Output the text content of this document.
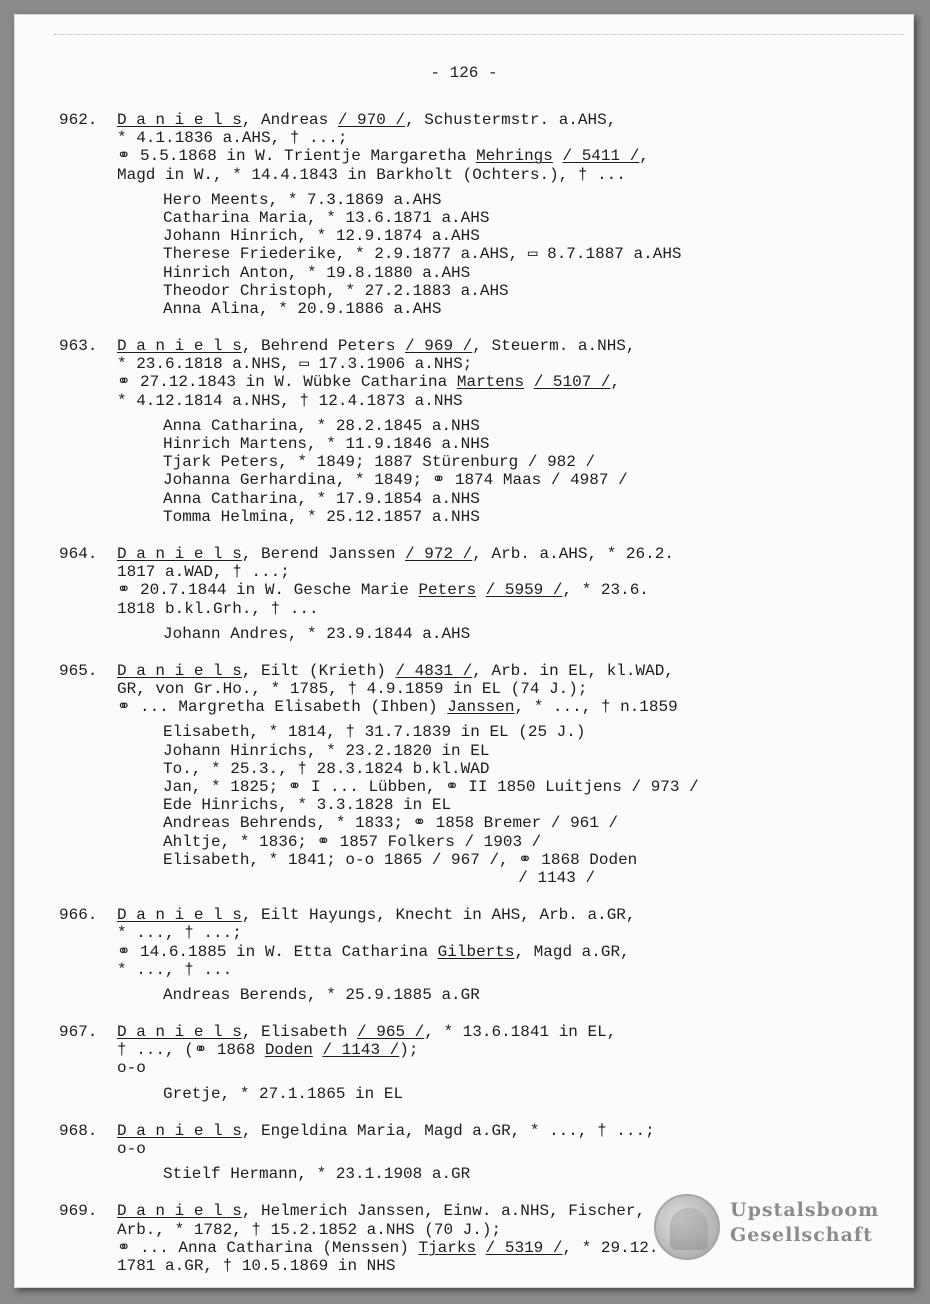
- 126 -
962. D a n i e l s, Andreas / 970 /, Schustermstr. a.AHS,
* 4.1.1836 a.AHS, † ...;
⚭ 5.5.1868 in W. Trientje Margaretha Mehrings / 5411 /,
Magd in W., * 14.4.1843 in Barkholt (Ochters.), † ...
Hero Meents, * 7.3.1869 a.AHS
Catharina Maria, * 13.6.1871 a.AHS
Johann Hinrich, * 12.9.1874 a.AHS
Therese Friederike, * 2.9.1877 a.AHS, ▭ 8.7.1887 a.AHS
Hinrich Anton, * 19.8.1880 a.AHS
Theodor Christoph, * 27.2.1883 a.AHS
Anna Alina, * 20.9.1886 a.AHS
963. D a n i e l s, Behrend Peters / 969 /, Steuerm. a.NHS,
* 23.6.1818 a.NHS, ▭ 17.3.1906 a.NHS;
⚭ 27.12.1843 in W. Wübke Catharina Martens / 5107 /,
* 4.12.1814 a.NHS, † 12.4.1873 a.NHS
Anna Catharina, * 28.2.1845 a.NHS
Hinrich Martens, * 11.9.1846 a.NHS
Tjark Peters, * 1849; 1887 Stürenburg / 982 /
Johanna Gerhardina, * 1849; ⚭ 1874 Maas / 4987 /
Anna Catharina, * 17.9.1854 a.NHS
Tomma Helmina, * 25.12.1857 a.NHS
964. D a n i e l s, Berend Janssen / 972 /, Arb. a.AHS, * 26.2.
1817 a.WAD, † ...;
⚭ 20.7.1844 in W. Gesche Marie Peters / 5959 /, * 23.6.
1818 b.kl.Grh., † ...
Johann Andres, * 23.9.1844 a.AHS
965. D a n i e l s, Eilt (Krieth) / 4831 /, Arb. in EL, kl.WAD,
GR, von Gr.Ho., * 1785, † 4.9.1859 in EL (74 J.);
⚭ ... Margretha Elisabeth (Ihben) Janssen, * ..., † n.1859
Elisabeth, * 1814, † 31.7.1839 in EL (25 J.)
Johann Hinrichs, * 23.2.1820 in EL
To., * 25.3., † 28.3.1824 b.kl.WAD
Jan, * 1825; ⚭ I ... Lübben, ⚭ II 1850 Luitjens / 973 /
Ede Hinrichs, * 3.3.1828 in EL
Andreas Behrends, * 1833; ⚭ 1858 Bremer / 961 /
Ahltje, * 1836; ⚭ 1857 Folkers / 1903 /
Elisabeth, * 1841; o-o 1865 / 967 /, ⚭ 1868 Doden
/ 1143 /
966. D a n i e l s, Eilt Hayungs, Knecht in AHS, Arb. a.GR,
* ..., † ...;
⚭ 14.6.1885 in W. Etta Catharina Gilberts, Magd a.GR,
* ..., † ...
Andreas Berends, * 25.9.1885 a.GR
967. D a n i e l s, Elisabeth / 965 /, * 13.6.1841 in EL,
† ..., (⚭ 1868 Doden / 1143 /);
o-o
Gretje, * 27.1.1865 in EL
968. D a n i e l s, Engeldina Maria, Magd a.GR, * ..., † ...;
o-o
Stielf Hermann, * 23.1.1908 a.GR
969. D a n i e l s, Helmerich Janssen, Einw. a.NHS, Fischer,
Arb., * 1782, † 15.2.1852 a.NHS (70 J.);
⚭ ... Anna Catharina (Menssen) Tjarks / 5319 /, * 29.12.
1781 a.GR, † 10.5.1869 in NHS
Upstalsboom
Gesellschaft
